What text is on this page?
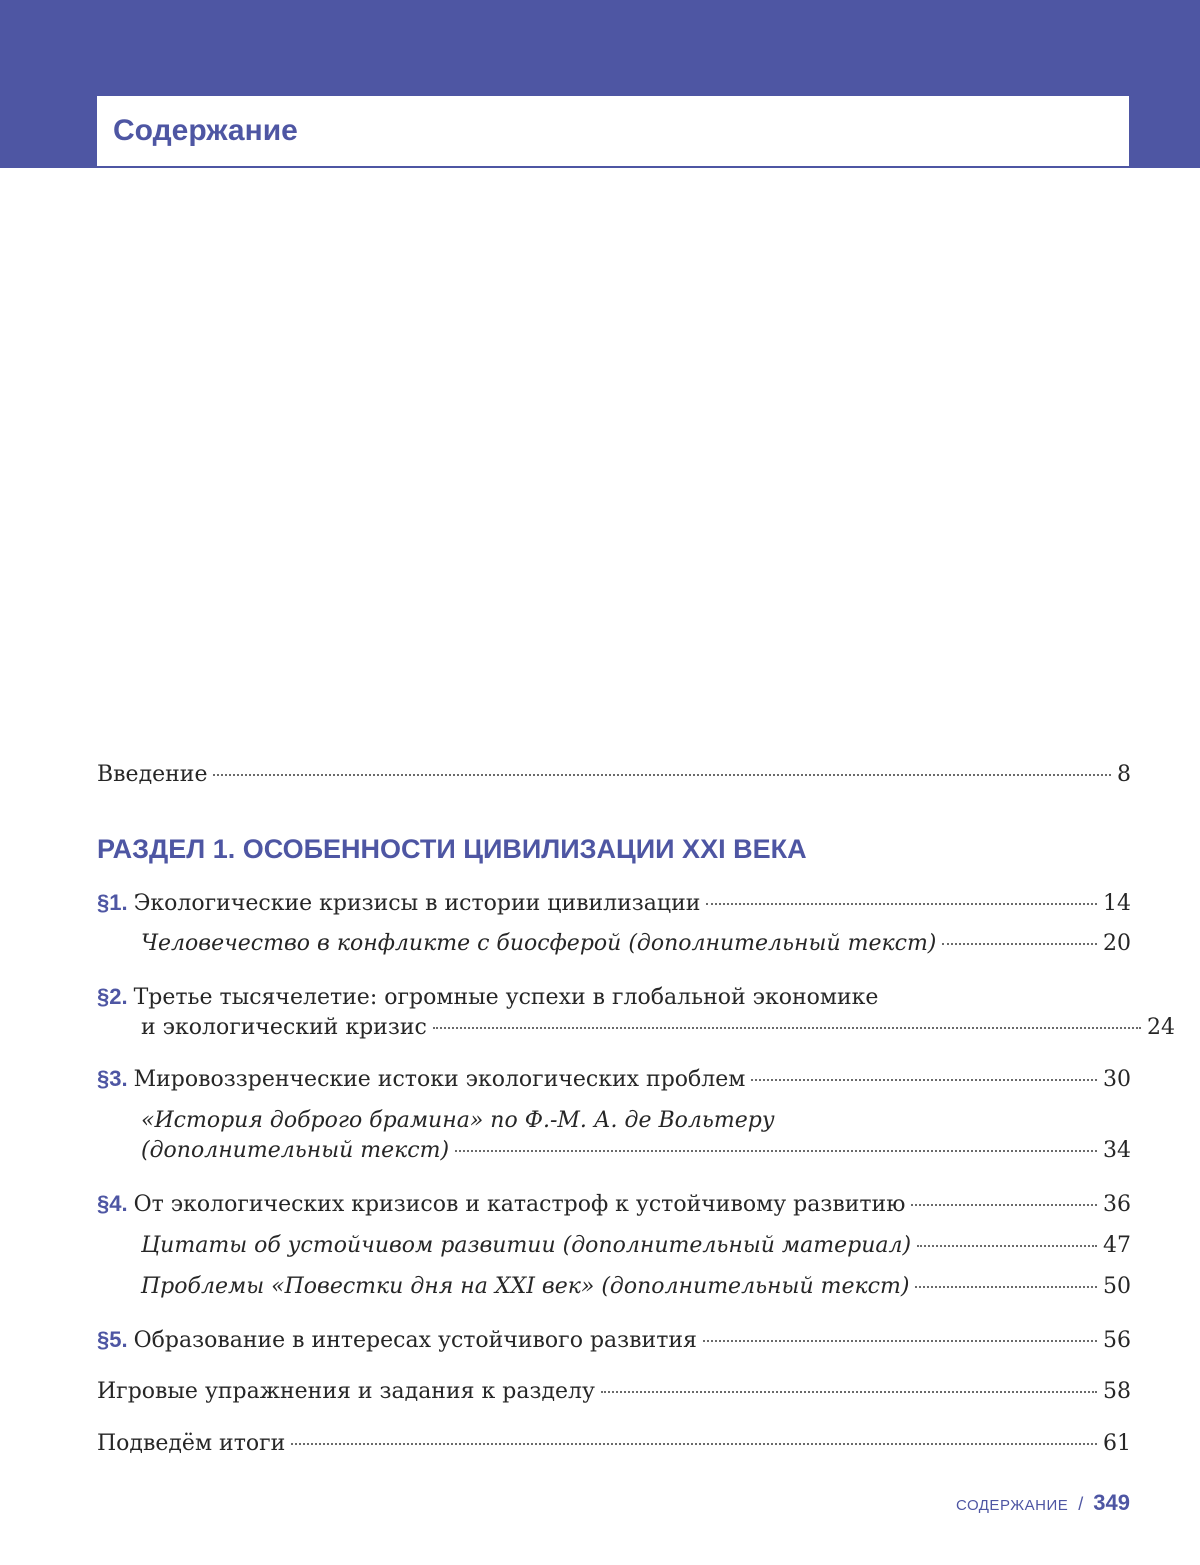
Содержание
Введение	8
РАЗДЕЛ 1. ОСОБЕННОСТИ ЦИВИЛИЗАЦИИ XXI ВЕКА
§1. Экологические кризисы в истории цивилизации	14
Человечество в конфликте с биосферой (дополнительный текст)	20
§2. Третье тысячелетие: огромные успехи в глобальной экономике
и экологический кризис	24
§3. Мировоззренческие истоки экологических проблем	30
«История доброго брамина» по Ф.-М. А. де Вольтеру
(дополнительный текст)	34
§4. От экологических кризисов и катастроф к устойчивому развитию	36
Цитаты об устойчивом развитии (дополнительный материал)	47
Проблемы «Повестки дня на XXI век» (дополнительный текст)	50
§5. Образование в интересах устойчивого развития	56
Игровые упражнения и задания к разделу	58
Подведём итоги	61
СОДЕРЖАНИЕ / 349
